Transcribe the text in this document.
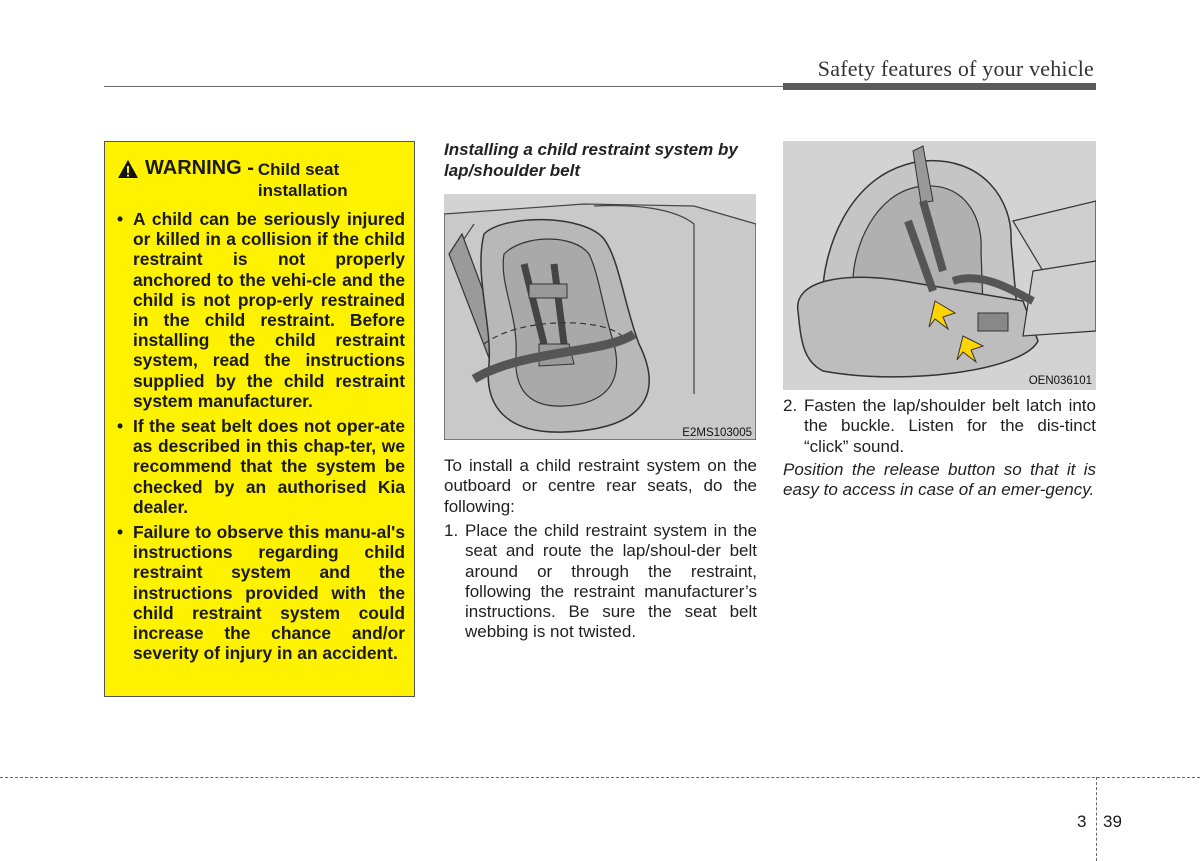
Safety features of your vehicle
WARNING - Child seat
installation
• A child can be seriously injured or killed in a collision if the child restraint is not properly anchored to the vehi-cle and the child is not prop-erly restrained in the child restraint. Before installing the child restraint system, read the instructions supplied by the child restraint system manufacturer.
• If the seat belt does not oper-ate as described in this chap-ter, we recommend that the system be checked by an authorised Kia dealer.
• Failure to observe this manu-al's instructions regarding child restraint system and the instructions provided with the child restraint system could increase the chance and/or severity of injury in an accident.
Installing a child restraint system by lap/shoulder belt
E2MS103005
To install a child restraint system on the outboard or centre rear seats, do the following:
1. Place the child restraint system in the seat and route the lap/shoul-der belt around or through the restraint, following the restraint manufacturer’s instructions. Be sure the seat belt webbing is not twisted.
OEN036101
2. Fasten the lap/shoulder belt latch into the buckle. Listen for the dis-tinct “click” sound.
Position the release button so that it is easy to access in case of an emer-gency.
3 39
